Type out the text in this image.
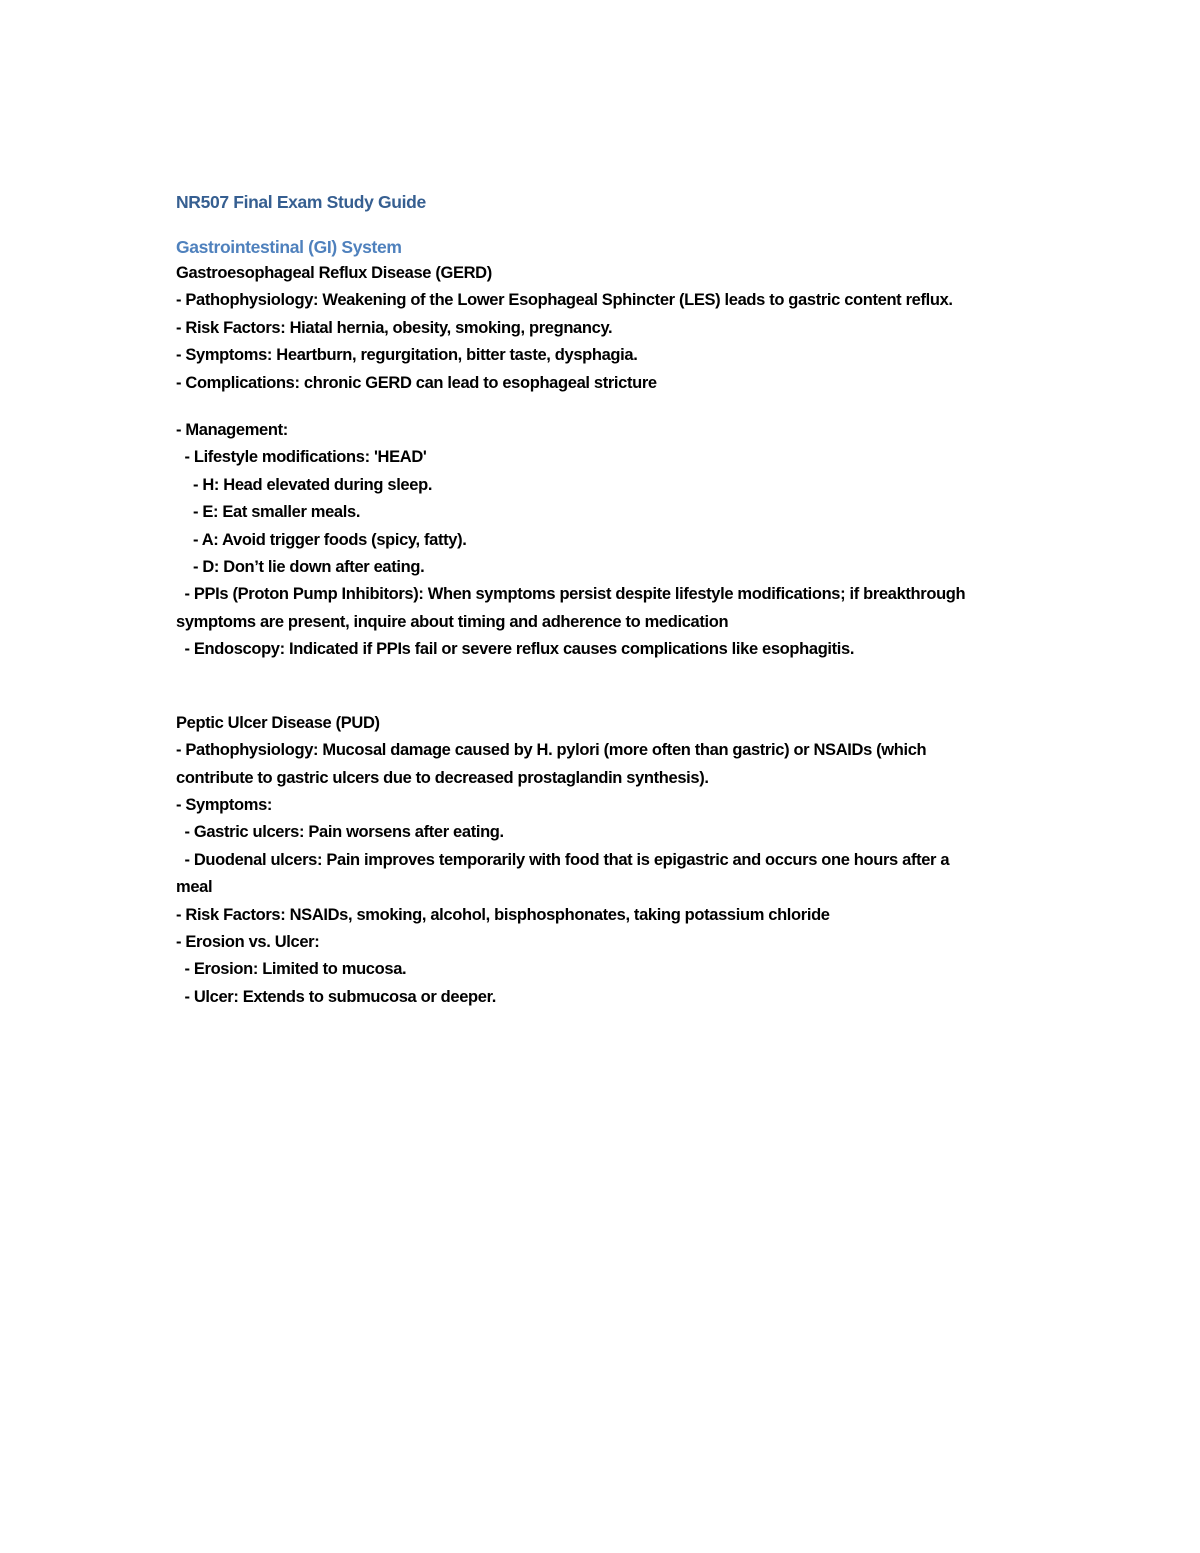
NR507 Final Exam Study Guide
Gastrointestinal (GI) System

Gastroesophageal Reflux Disease (GERD)

- Pathophysiology: Weakening of the Lower Esophageal Sphincter (LES) leads to gastric content reflux.

- Risk Factors: Hiatal hernia, obesity, smoking, pregnancy.

- Symptoms: Heartburn, regurgitation, bitter taste, dysphagia.

- Complications: chronic GERD can lead to esophageal stricture

- Management:

- Lifestyle modifications: 'HEAD'

- H: Head elevated during sleep.

- E: Eat smaller meals.

- A: Avoid trigger foods (spicy, fatty).

- D: Don’t lie down after eating.

- PPIs (Proton Pump Inhibitors): When symptoms persist despite lifestyle modifications; if breakthrough

symptoms are present, inquire about timing and adherence to medication

- Endoscopy: Indicated if PPIs fail or severe reflux causes complications like esophagitis.

Peptic Ulcer Disease (PUD)

- Pathophysiology: Mucosal damage caused by H. pylori (more often than gastric) or NSAIDs (which

contribute to gastric ulcers due to decreased prostaglandin synthesis).

- Symptoms:

- Gastric ulcers: Pain worsens after eating.

- Duodenal ulcers: Pain improves temporarily with food that is epigastric and occurs one hours after a

meal

- Risk Factors: NSAIDs, smoking, alcohol, bisphosphonates, taking potassium chloride

- Erosion vs. Ulcer:

- Erosion: Limited to mucosa.

- Ulcer: Extends to submucosa or deeper.
